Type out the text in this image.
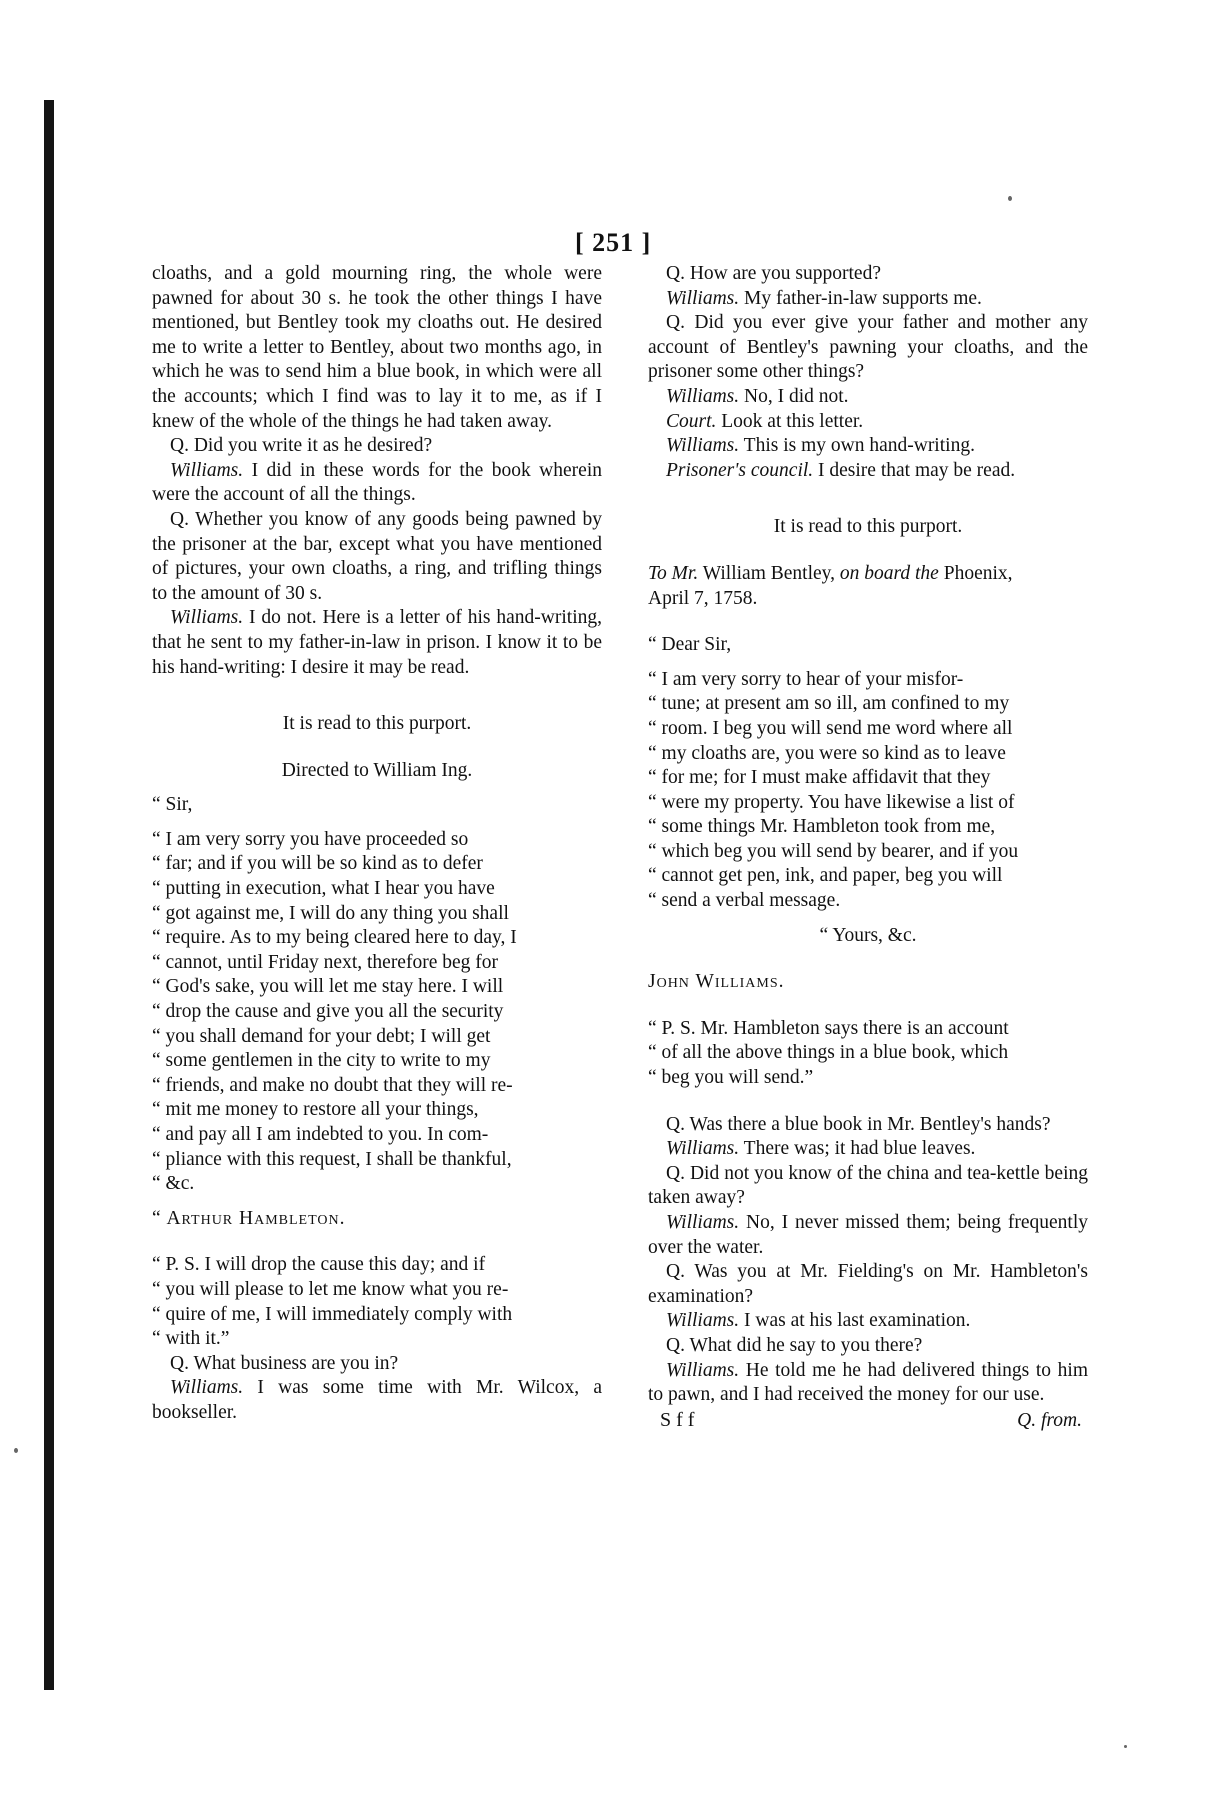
[ 251 ]

cloaths, and a gold mourning ring, the whole were pawned for about 30 s. he took the other things I have mentioned, but Bentley took my cloaths out. He desired me to write a letter to Bentley, about two months ago, in which he was to send him a blue book, in which were all the accounts; which I find was to lay it to me, as if I knew of the whole of the things he had taken away.

Q. Did you write it as he desired?

Williams. I did in these words for the book wherein were the account of all the things.

Q. Whether you know of any goods being pawned by the prisoner at the bar, except what you have mentioned of pictures, your own cloaths, a ring, and trifling things to the amount of 30 s.

Williams. I do not. Here is a letter of his hand-writing, that he sent to my father-in-law in prison. I know it to be his hand-writing: I desire it may be read.

It is read to this purport.

Directed to William Ing.

“ Sir,

“ I am very sorry you have proceeded so

“ far; and if you will be so kind as to defer

“ putting in execution, what I hear you have

“ got against me, I will do any thing you shall

“ require. As to my being cleared here to day, I

“ cannot, until Friday next, therefore beg for

“ God's sake, you will let me stay here. I will

“ drop the cause and give you all the security

“ you shall demand for your debt; I will get

“ some gentlemen in the city to write to my

“ friends, and make no doubt that they will re-

“ mit me money to restore all your things,

“ and pay all I am indebted to you. In com-

“ pliance with this request, I shall be thankful,

“ &c.

“ Arthur Hambleton.

“ P. S. I will drop the cause this day; and if

“ you will please to let me know what you re-

“ quire of me, I will immediately comply with

“ with it.”

Q. What business are you in?

Williams. I was some time with Mr. Wilcox, a bookseller.

Q. How are you supported?

Williams. My father-in-law supports me.

Q. Did you ever give your father and mother any account of Bentley's pawning your cloaths, and the prisoner some other things?

Williams. No, I did not.

Court. Look at this letter.

Williams. This is my own hand-writing.

Prisoner's council. I desire that may be read.

It is read to this purport.

To Mr. William Bentley, on board the Phoenix,

April 7, 1758.

“ Dear Sir,

“ I am very sorry to hear of your misfor-

“ tune; at present am so ill, am confined to my

“ room. I beg you will send me word where all

“ my cloaths are, you were so kind as to leave

“ for me; for I must make affidavit that they

“ were my property. You have likewise a list of

“ some things Mr. Hambleton took from me,

“ which beg you will send by bearer, and if you

“ cannot get pen, ink, and paper, beg you will

“ send a verbal message.

“ Yours, &c.

John Williams.

“ P. S. Mr. Hambleton says there is an account

“ of all the above things in a blue book, which

“ beg you will send.”

Q. Was there a blue book in Mr. Bentley's hands?

Williams. There was; it had blue leaves.

Q. Did not you know of the china and tea-kettle being taken away?

Williams. No, I never missed them; being frequently over the water.

Q. Was you at Mr. Fielding's on Mr. Hambleton's examination?

Williams. I was at his last examination.

Q. What did he say to you there?

Williams. He told me he had delivered things to him to pawn, and I had received the money for our use.

S f f	Q. from.
